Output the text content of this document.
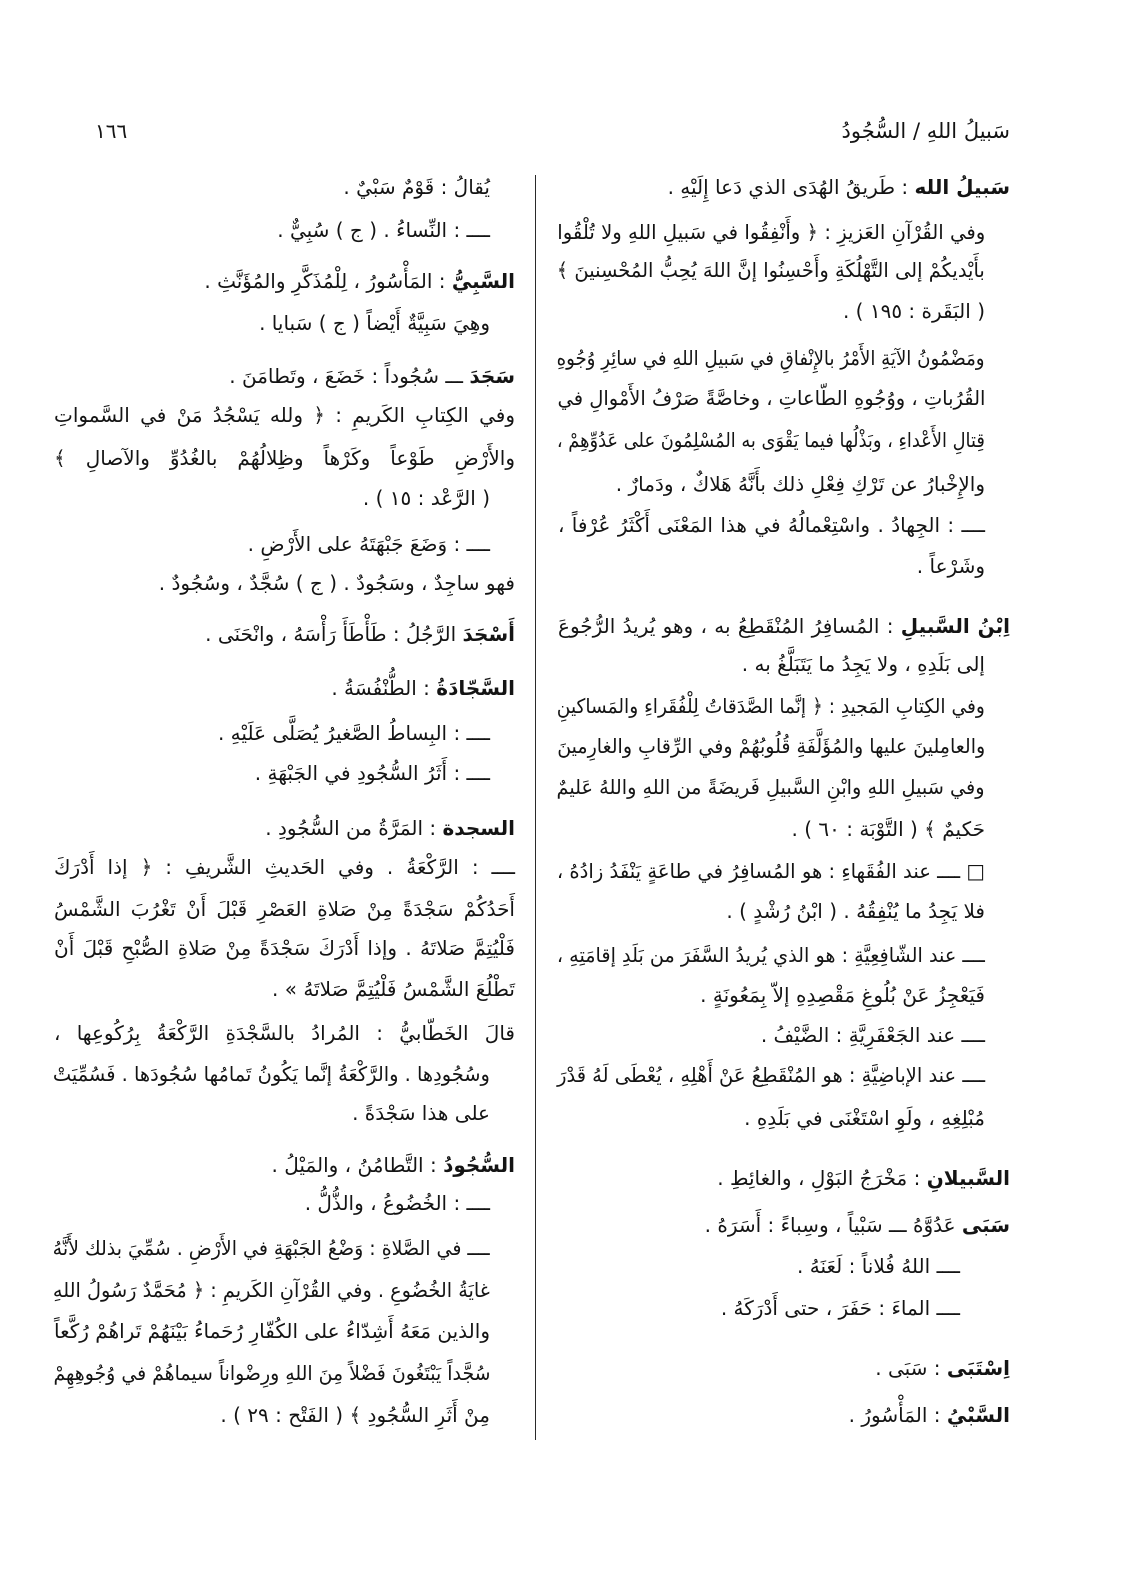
١٦٦	سَبيلُ اللهِ / السُّجُودُ
سَبيلُ الله : طَريقُ الهُدَى الذي دَعا إِلَيْهِ .
وفي القُرْآنِ العَزيزِ : ﴿ وأَنْفِقُوا في سَبيلِ اللهِ ولا تُلْقُوا
بأَيْديكُمْ إلى التَّهْلُكَةِ وأَحْسِنُوا إنَّ اللهَ يُحِبُّ المُحْسِنينَ ﴾
( البَقَرة : ١٩٥ ) .
ومَضْمُونُ الآيَةِ الأَمْرُ بالإِنْفاقِ في سَبيلِ اللهِ في سائِرِ وُجُوهِ
القُرُباتِ ، ووُجُوهِ الطّاعاتِ ، وخاصَّةً صَرْفُ الأَمْوالِ في
قِتالِ الأَعْداءِ ، وبَذْلُها فيما يَقْوَى به المُسْلِمُونَ على عَدُوِّهِمْ ،
والإِخْبارُ عن تَرْكِ فِعْلِ ذلك بأَنَّهُ هَلاكٌ ، ودَمارٌ .
ــــ : الجِهادُ . واسْتِعْمالُهُ في هذا المَعْنَى أَكْثَرُ عُرْفاً ،
وشَرْعاً .
اِبْنُ السَّبيلِ : المُسافِرُ المُنْقَطِعُ به ، وهو يُريدُ الرُّجُوعَ
إلى بَلَدِهِ ، ولا يَجِدُ ما يَتَبَلَّغُ به .
وفي الكِتابِ المَجيدِ : ﴿ إنَّما الصَّدَقاتُ لِلْفُقَراءِ والمَساكينِ
والعامِلينَ عليها والمُؤَلَّفَةِ قُلُوبُهُمْ وفي الرِّقابِ والغارِمينَ
وفي سَبيلِ اللهِ وابْنِ السَّبيلِ فَريضَةً من اللهِ واللهُ عَليمٌ
حَكيمٌ ﴾ ( التَّوْبَة : ٦٠ ) .
□ ــــ عند الفُقَهاءِ : هو المُسافِرُ في طاعَةٍ يَنْفَدُ زادُهُ ،
فلا يَجِدُ ما يُنْفِقُهُ . ( ابْنُ رُشْدٍ ) .
ــــ عند الشّافِعِيَّةِ : هو الذي يُريدُ السَّفَرَ من بَلَدِ إقامَتِهِ ،
فَيَعْجِزُ عَنْ بُلُوغِ مَقْصِدِهِ إلاّ بِمَعُونَةٍ .
ــــ عند الجَعْفَرِيَّةِ : الضَّيْفُ .
ــــ عند الإباضِيَّةِ : هو المُنْقَطِعُ عَنْ أَهْلِهِ ، يُعْطَى لَهُ قَدْرَ
مُبْلِغِهِ ، ولَوِ اسْتَغْنَى في بَلَدِهِ .
السَّبيلانِ : مَخْرَجُ البَوْلِ ، والغائِطِ .
سَبَى عَدُوَّهُ ـــ سَبْياً ، وسِباءً : أَسَرَهُ .
ــــ اللهُ فُلاناً : لَعَنَهُ .
ــــ الماءَ : حَفَرَ ، حتى أَدْرَكَهُ .
اِسْتَبَى : سَبَى .
السَّبْيُ : المَأْسُورُ .
يُقالُ : قَوْمٌ سَبْيٌ .
ــــ : النِّساءُ . ( ج ) سُبِيٌّ .
السَّبِيُّ : المَأْسُورُ ، لِلْمُذَكَّرِ والمُؤَنَّثِ .
وهِيَ سَبِيَّةٌ أَيْضاً ( ج ) سَبايا .
سَجَدَ ـــ سُجُوداً : خَضَعَ ، وتَطامَنَ .
وفي الكِتابِ الكَريمِ : ﴿ ولله يَسْجُدُ مَنْ في السَّمواتِ
والأَرْضِ طَوْعاً وكَرْهاً وظِلالُهُمْ بالغُدُوِّ والآصالِ ﴾
( الرَّعْد : ١٥ ) .
ــــ : وَضَعَ جَبْهَتَهُ على الأَرْضِ .
فهو ساجِدٌ ، وسَجُودٌ . ( ج ) سُجَّدٌ ، وسُجُودٌ .
أَسْجَدَ الرَّجُلُ : طَأْطَأَ رَأْسَهُ ، وانْحَنَى .
السَّجّادَةُ : الطُّنْفُسَةُ .
ــــ : البِساطُ الصَّغيرُ يُصَلَّى عَلَيْهِ .
ــــ : أَثَرُ السُّجُودِ في الجَبْهَةِ .
السجدة : المَرَّةُ من السُّجُودِ .
ــــ : الرَّكْعَةُ . وفي الحَديثِ الشَّريفِ : ﴿ إذا أَدْرَكَ
أَحَدُكُمْ سَجْدَةً مِنْ صَلاةِ العَصْرِ قَبْلَ أَنْ تَغْرُبَ الشَّمْسُ
فَلْيُتِمَّ صَلاتَهُ . وإذا أَدْرَكَ سَجْدَةً مِنْ صَلاةِ الصُّبْحِ قَبْلَ أَنْ
تَطْلُعَ الشَّمْسُ فَلْيُتِمَّ صَلاتَهُ » .
قالَ الخَطّابيُّ : المُرادُ بالسَّجْدَةِ الرَّكْعَةُ بِرُكُوعِها ،
وسُجُودِها . والرَّكْعَةُ إنَّما يَكُونُ تَمامُها سُجُودَها . فَسُمِّيَتْ
على هذا سَجْدَةً .
السُّجُودُ : التَّطامُنُ ، والمَيْلُ .
ــــ : الخُضُوعُ ، والذُّلُّ .
ــــ في الصَّلاةِ : وَضْعُ الجَبْهَةِ في الأَرْضِ . سُمِّيَ بذلك لأَنَّهُ
غايَةُ الخُضُوعِ . وفي القُرْآنِ الكَريمِ : ﴿ مُحَمَّدٌ رَسُولُ اللهِ
والذين مَعَهُ أَشِدّاءُ على الكُفّارِ رُحَماءُ بَيْنَهُمْ تَراهُمْ رُكَّعاً
سُجَّداً يَبْتَغُونَ فَضْلاً مِنَ اللهِ ورِضْواناً سيماهُمْ في وُجُوهِهِمْ
مِنْ أَثَرِ السُّجُودِ ﴾ ( الفَتْح : ٢٩ ) .
